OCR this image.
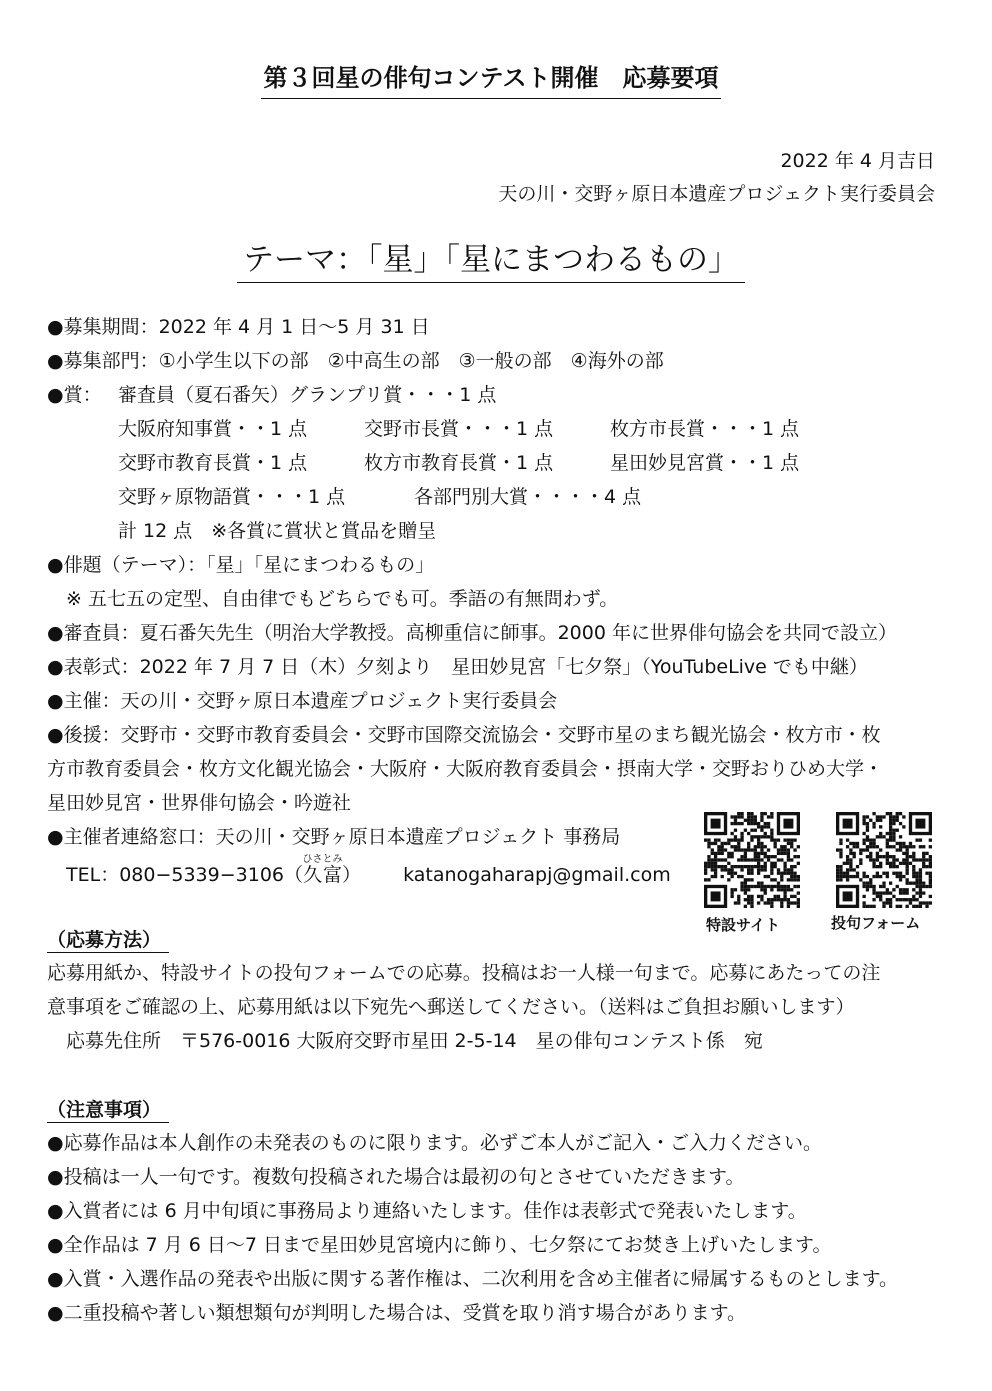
第３回星の俳句コンテスト開催　応募要項
2022 年 4 月吉日
天の川・交野ヶ原日本遺産プロジェクト実行委員会
テーマ：「星」「星にまつわるもの」
●募集期間：2022 年 4 月 1 日～5 月 31 日
●募集部門：①小学生以下の部　②中高生の部　③一般の部　④海外の部
●賞： 審査員（夏石番矢）グランプリ賞・・・1 点
大阪府知事賞・・1 点	交野市長賞・・・1 点	枚方市長賞・・・1 点
交野市教育長賞・1 点	枚方市教育長賞・1 点	星田妙見宮賞・・1 点
交野ヶ原物語賞・・・1 点	各部門別大賞・・・・4 点
計 12 点　※各賞に賞状と賞品を贈呈
●俳題（テーマ）：「星」「星にまつわるもの」
※ 五七五の定型、自由律でもどちらでも可。季語の有無問わず。
●審査員：夏石番矢先生（明治大学教授。高柳重信に師事。2000 年に世界俳句協会を共同で設立）
●表彰式：2022 年 7 月 7 日（木）夕刻より　星田妙見宮「七夕祭」（YouTubeLive でも中継）
●主催：天の川・交野ヶ原日本遺産プロジェクト実行委員会
●後援：交野市・交野市教育委員会・交野市国際交流協会・交野市星のまち観光協会・枚方市・枚
方市教育委員会・枚方文化観光協会・大阪府・大阪府教育委員会・摂南大学・交野おりひめ大学・
星田妙見宮・世界俳句協会・吟遊社
●主催者連絡窓口：天の川・交野ヶ原日本遺産プロジェクト 事務局
TEL：080−5339−3106（久富ひさとみ） katanogaharapj@gmail.com
特設サイト	投句フォーム
（応募方法）
応募用紙か、特設サイトの投句フォームでの応募。投稿はお一人様一句まで。応募にあたっての注
意事項をご確認の上、応募用紙は以下宛先へ郵送してください。（送料はご負担お願いします）
応募先住所　〒576-0016 大阪府交野市星田 2-5-14　星の俳句コンテスト係　宛
（注意事項）
●応募作品は本人創作の未発表のものに限ります。必ずご本人がご記入・ご入力ください。
●投稿は一人一句です。複数句投稿された場合は最初の句とさせていただきます。
●入賞者には 6 月中旬頃に事務局より連絡いたします。佳作は表彰式で発表いたします。
●全作品は 7 月 6 日～7 日まで星田妙見宮境内に飾り、七夕祭にてお焚き上げいたします。
●入賞・入選作品の発表や出版に関する著作権は、二次利用を含め主催者に帰属するものとします。
●二重投稿や著しい類想類句が判明した場合は、受賞を取り消す場合があります。
